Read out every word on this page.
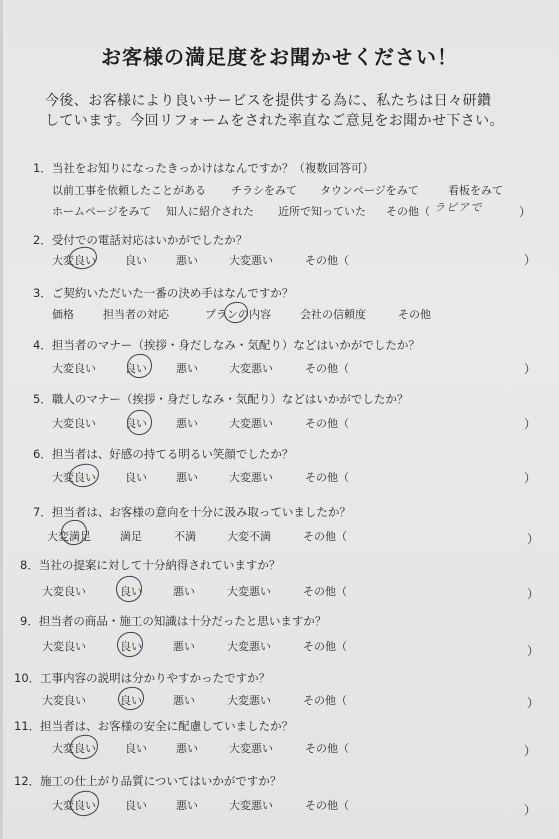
お客様の満足度をお聞かせください！
今後、お客様により良いサービスを提供する為に、私たちは日々研鑽
しています。今回リフォームをされた率直なご意見をお聞かせ下さい。
1．当社をお知りになったきっかけはなんですか？（複数回答可）
以前工事を依頼したことがある チラシをみて タウンページをみて	看板をみて
ホームページをみて 知人に紹介された 近所で知っていた その他（ ラピアで	）
2．受付での電話対応はいかがでしたか？
大変良い	良い	悪い	大変悪い	その他（	）
3．ご契約いただいた一番の決め手はなんですか？
価格	担当者の対応	プランの内容	会社の信頼度	その他
4．担当者のマナー（挨拶・身だしなみ・気配り）などはいかがでしたか？
大変良い	良い	悪い	大変悪い	その他（	）
5．職人のマナー（挨拶・身だしなみ・気配り）などはいかがでしたか？
大変良い	良い	悪い	大変悪い	その他（	）
6．担当者は、好感の持てる明るい笑顔でしたか？
大変良い	良い	悪い	大変悪い	その他（	）
7．担当者は、お客様の意向を十分に汲み取っていましたか？
大変満足	満足	不満	大変不満	その他（	）
8．当社の提案に対して十分納得されていますか？
大変良い	良い	悪い	大変悪い	その他（	）
9．担当者の商品・施工の知識は十分だったと思いますか？
大変良い	良い	悪い	大変悪い	その他（	）
10．工事内容の説明は分かりやすかったですか？
大変良い	良い	悪い	大変悪い	その他（	）
11．担当者は、お客様の安全に配慮していましたか？
大変良い	良い	悪い	大変悪い	その他（	）
12．施工の仕上がり品質についてはいかがですか？
大変良い	良い	悪い	大変悪い	その他（	）
